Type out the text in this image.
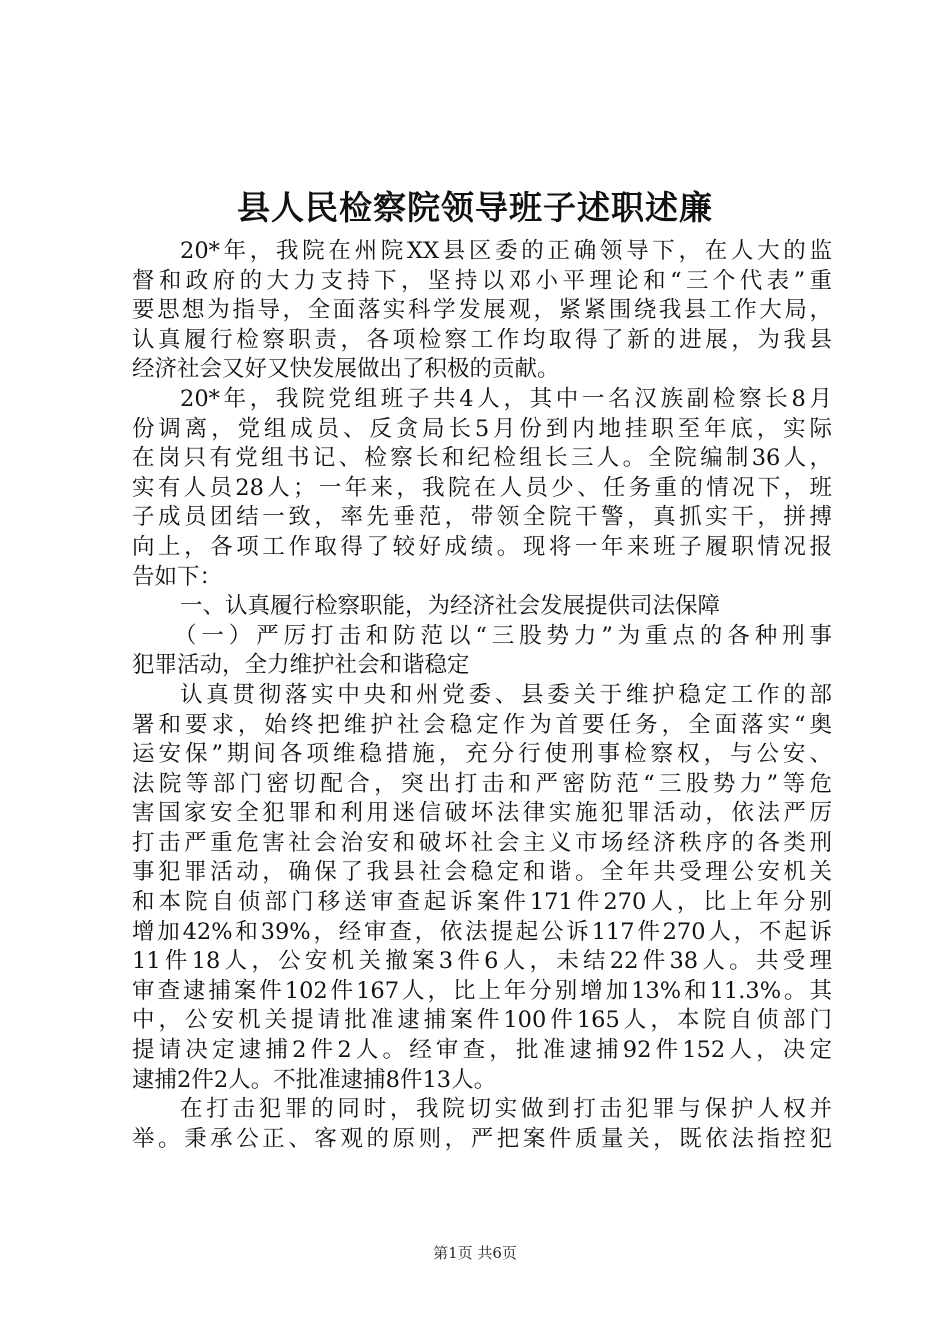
县人民检察院领导班子述职述廉
20*年，我院在州院XX县区委的正确领导下，在人大的监
督和政府的大力支持下，坚持以邓小平理论和“三个代表”重
要思想为指导，全面落实科学发展观，紧紧围绕我县工作大局，
认真履行检察职责，各项检察工作均取得了新的进展，为我县
经济社会又好又快发展做出了积极的贡献。
20*年，我院党组班子共4人，其中一名汉族副检察长8月
份调离，党组成员、反贪局长5月份到内地挂职至年底，实际
在岗只有党组书记、检察长和纪检组长三人。全院编制36人，
实有人员28人；一年来，我院在人员少、任务重的情况下，班
子成员团结一致，率先垂范，带领全院干警，真抓实干，拼搏
向上，各项工作取得了较好成绩。现将一年来班子履职情况报
告如下：
一、认真履行检察职能，为经济社会发展提供司法保障
（一）严厉打击和防范以“三股势力”为重点的各种刑事
犯罪活动，全力维护社会和谐稳定
认真贯彻落实中央和州党委、县委关于维护稳定工作的部
署和要求，始终把维护社会稳定作为首要任务，全面落实“奥
运安保”期间各项维稳措施，充分行使刑事检察权，与公安、
法院等部门密切配合，突出打击和严密防范“三股势力”等危
害国家安全犯罪和利用迷信破坏法律实施犯罪活动，依法严厉
打击严重危害社会治安和破坏社会主义市场经济秩序的各类刑
事犯罪活动，确保了我县社会稳定和谐。全年共受理公安机关
和本院自侦部门移送审查起诉案件171件270人，比上年分别
增加42%和39%，经审查，依法提起公诉117件270人，不起诉
11件18人，公安机关撤案3件6人，未结22件38人。共受理
审查逮捕案件102件167人，比上年分别增加13%和11.3%。其
中，公安机关提请批准逮捕案件100件165人，本院自侦部门
提请决定逮捕2件2人。经审查，批准逮捕92件152人，决定
逮捕2件2人。不批准逮捕8件13人。
在打击犯罪的同时，我院切实做到打击犯罪与保护人权并
举。秉承公正、客观的原则，严把案件质量关，既依法指控犯
第1页 共6页
